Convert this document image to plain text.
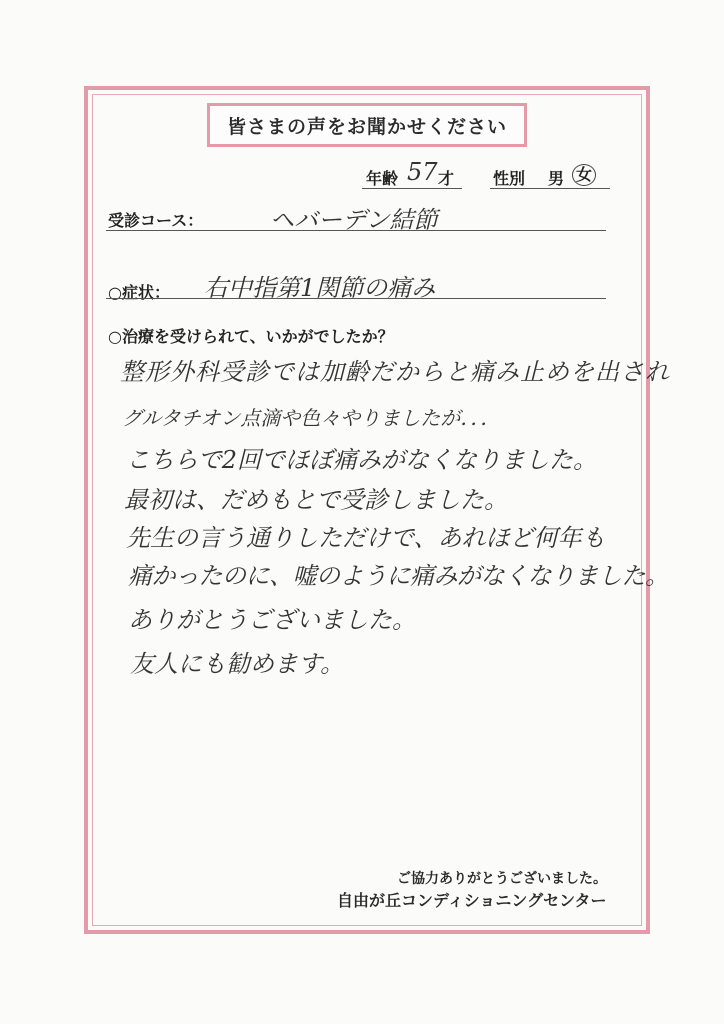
皆さまの声をお聞かせください
年齢 57 才 性別 男 女
受診コース：	ヘバーデン結節
○症状： 右中指第1関節の痛み
○治療を受けられて、いかがでしたか？
整形外科受診では加齢だからと痛み止めを出され
グルタチオン点滴や色々やりましたが．．．
こちらで2回でほぼ痛みがなくなりました。
最初は、だめもとで受診しました。
先生の言う通りしただけで、あれほど何年も
痛かったのに、嘘のように痛みがなくなりました。
ありがとうございました。
友人にも勧めます。
ご協力ありがとうございました。
自由が丘コンディショニングセンター
